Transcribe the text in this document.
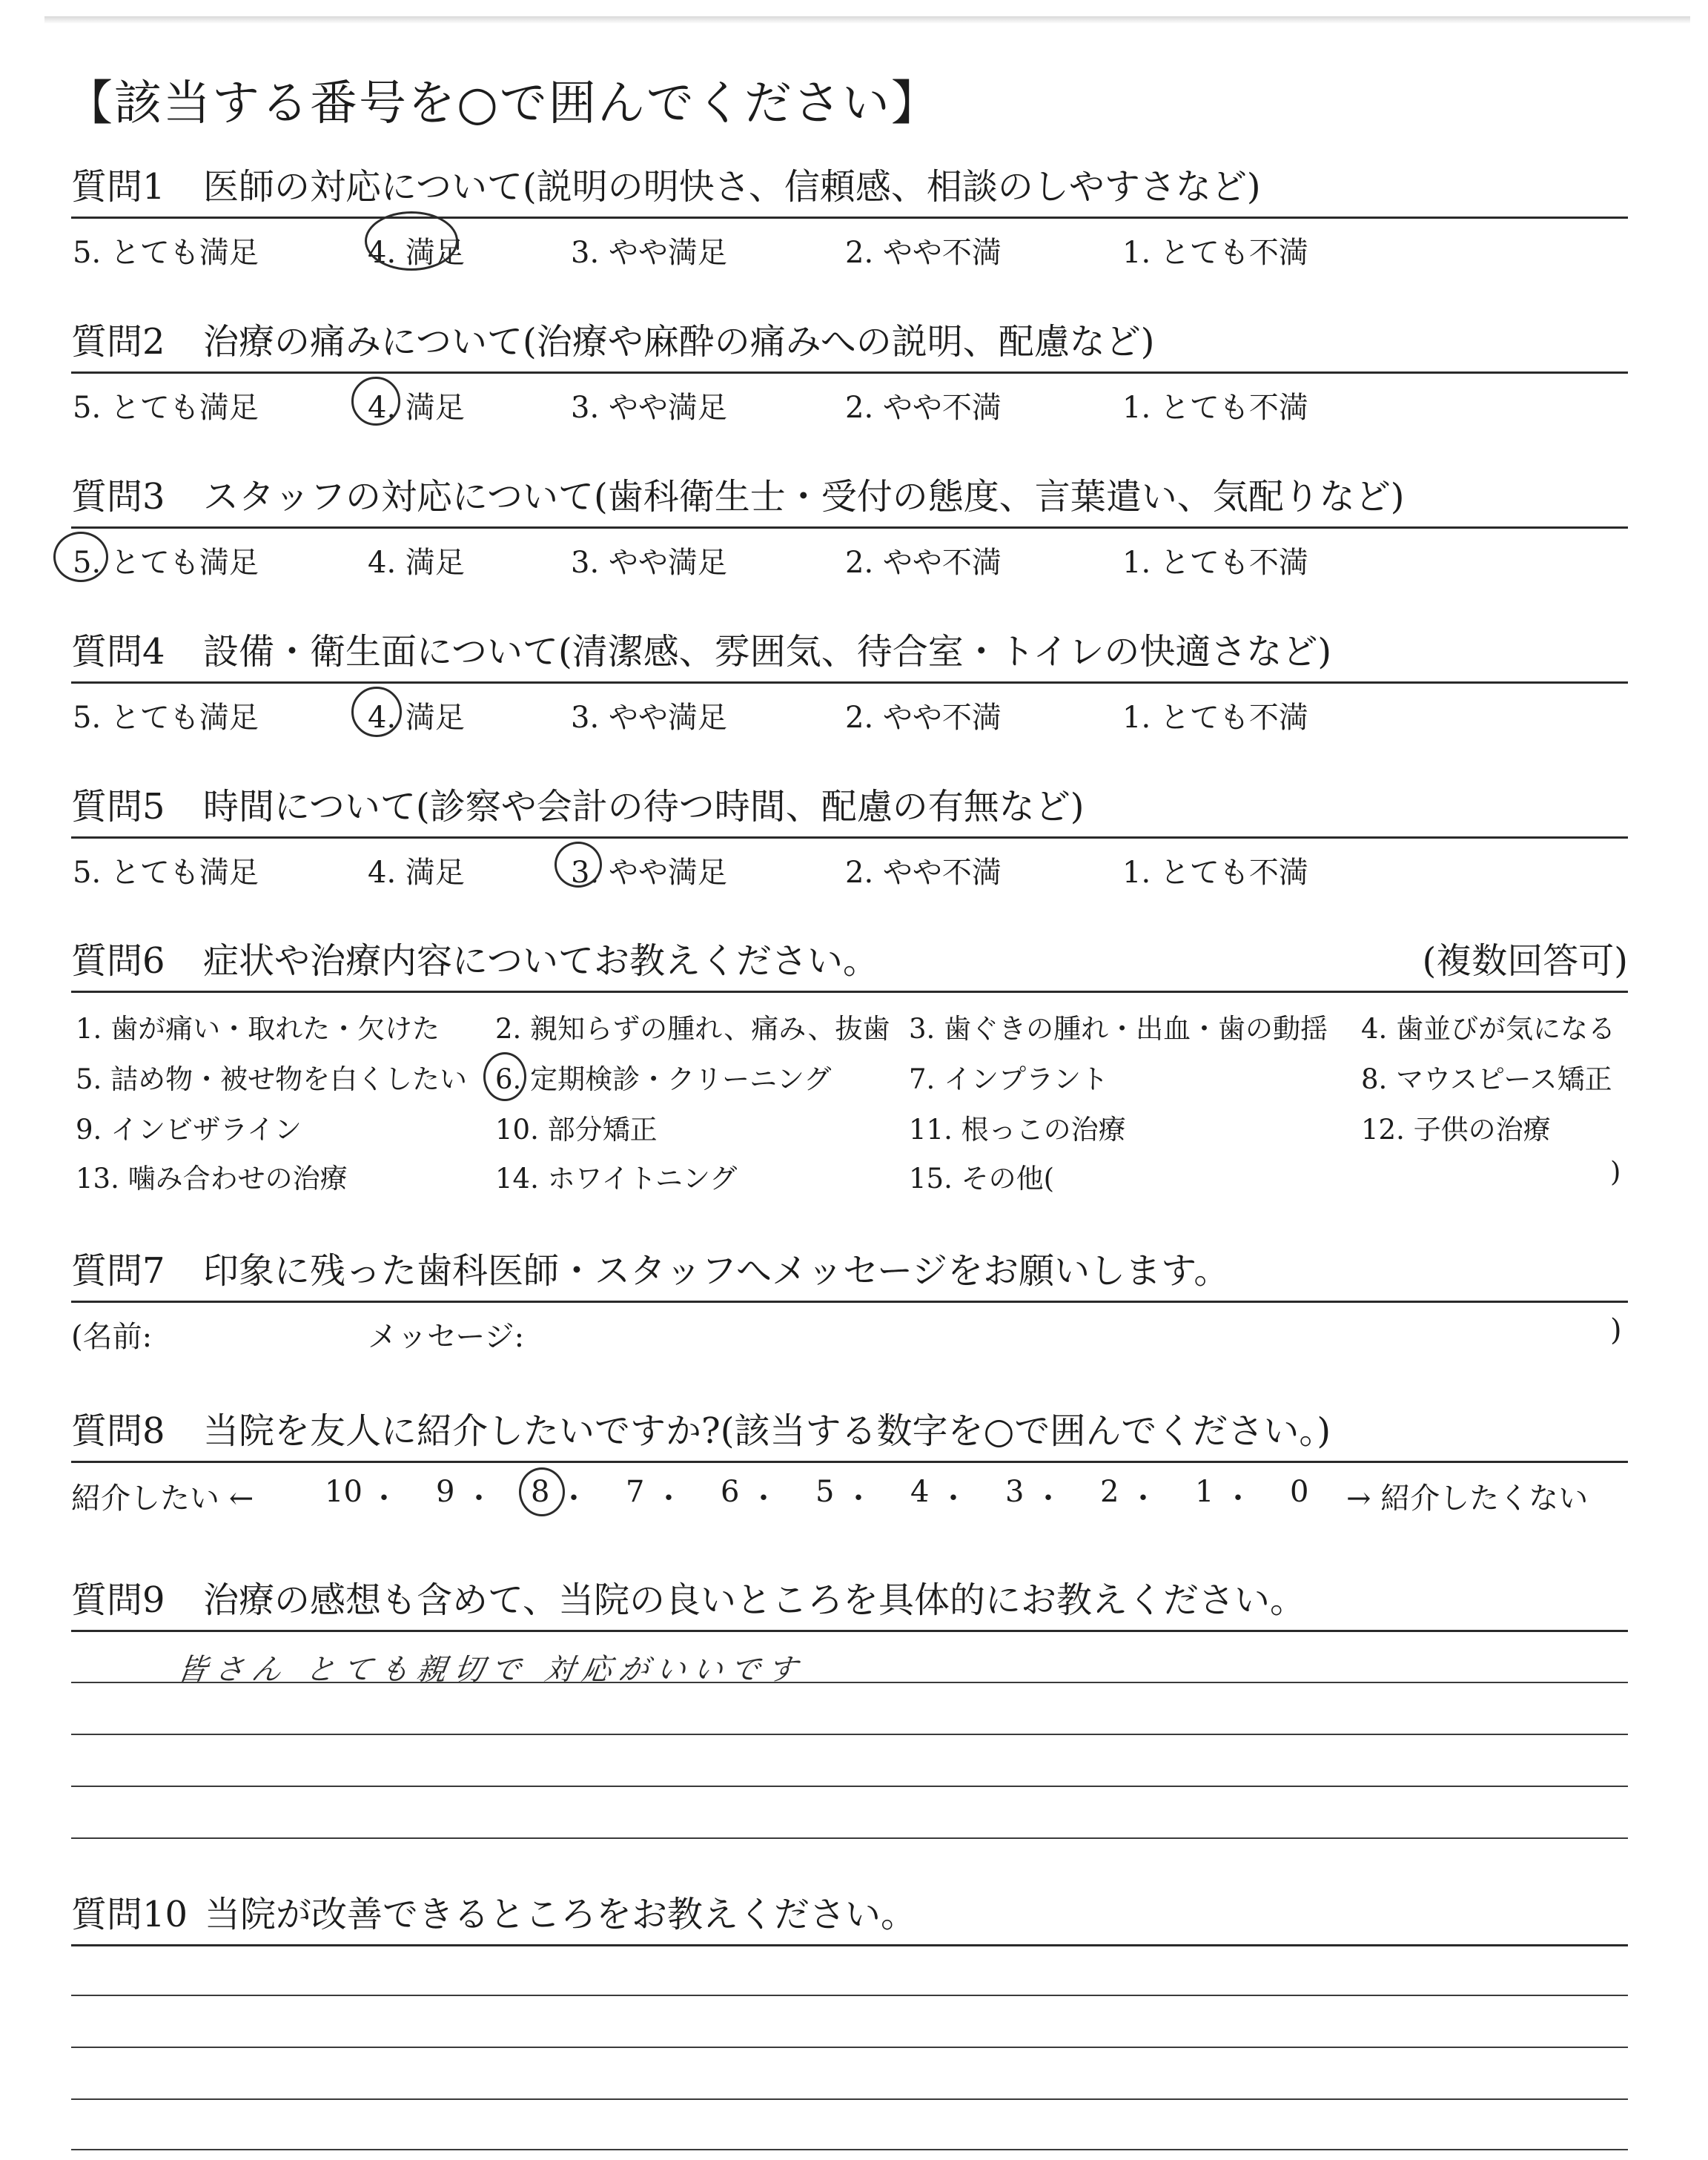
【該当する番号を○で囲んでください】
質問1 医師の対応について(説明の明快さ、信頼感、相談のしやすさなど)
5. とても満足	4. 満足	3. やや満足	2. やや不満	1. とても不満
質問2 治療の痛みについて(治療や麻酔の痛みへの説明、配慮など)
5. とても満足	4. 満足	3. やや満足	2. やや不満	1. とても不満
質問3 スタッフの対応について(歯科衛生士・受付の態度、言葉遣い、気配りなど)
5. とても満足	4. 満足	3. やや満足	2. やや不満	1. とても不満
質問4 設備・衛生面について(清潔感、雰囲気、待合室・トイレの快適さなど)
5. とても満足	4. 満足	3. やや満足	2. やや不満	1. とても不満
質問5 時間について(診察や会計の待つ時間、配慮の有無など)
5. とても満足	4. 満足	3. やや満足	2. やや不満	1. とても不満
質問6 症状や治療内容についてお教えください。	(複数回答可)
1. 歯が痛い・取れた・欠けた 2. 親知らずの腫れ、痛み、抜歯 3. 歯ぐきの腫れ・出血・歯の動揺 4. 歯並びが気になる
5. 詰め物・被せ物を白くしたい 6. 定期検診・クリーニング	7. インプラント	8. マウスピース矯正
9. インビザライン	10. 部分矯正	11. 根っこの治療	12. 子供の治療
13. 噛み合わせの治療	14. ホワイトニング	15. その他(	)
質問7 印象に残った歯科医師・スタッフへメッセージをお願いします。
(名前:	メッセージ:	)
質問8 当院を友人に紹介したいですか?(該当する数字を○で囲んでください。)
紹介したい ← 10 ・ 9 ・ 8 ・ 7 ・ 6 ・ 5 ・ 4 ・ 3 ・ 2 ・ 1 ・ 0 → 紹介したくない
質問9 治療の感想も含めて、当院の良いところを具体的にお教えください。
皆さん とても親切で 対応がいいです
質問10 当院が改善できるところをお教えください。
